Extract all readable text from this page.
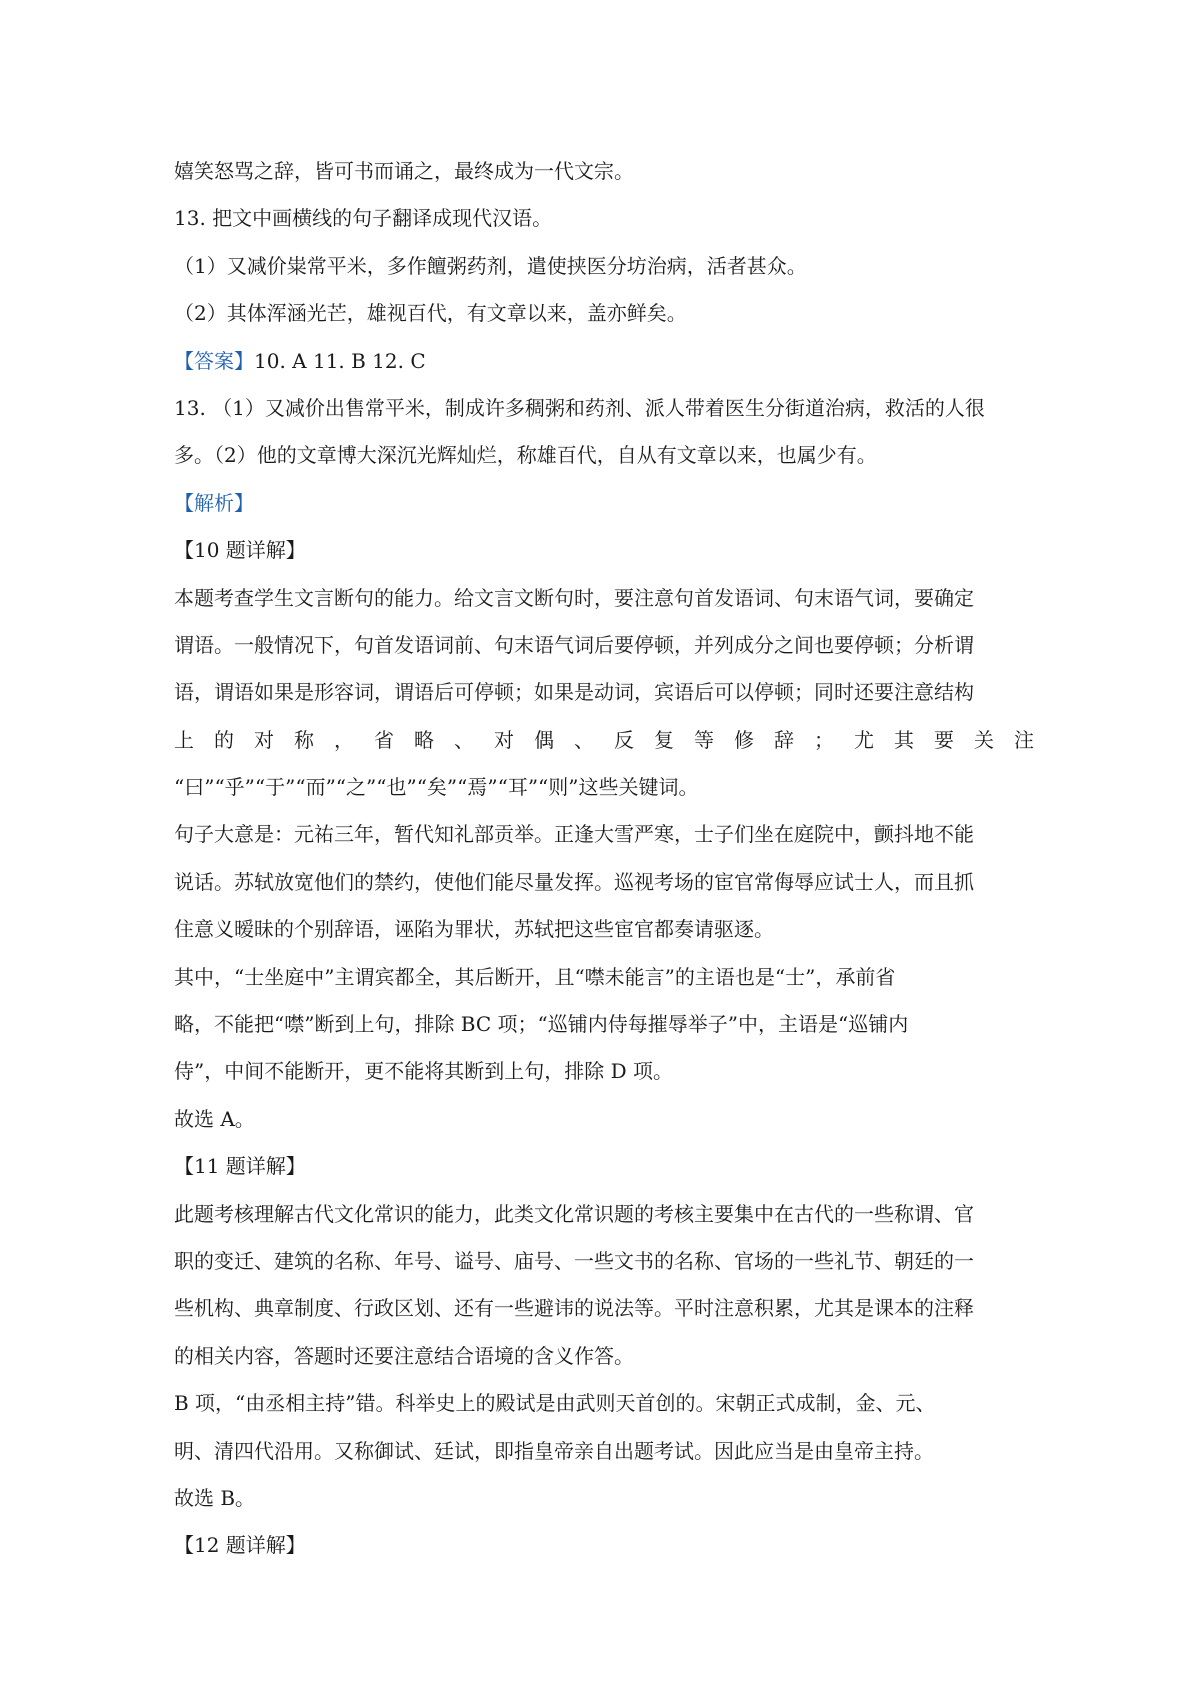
嬉笑怒骂之辞，皆可书而诵之，最终成为一代文宗。
13. 把文中画横线的句子翻译成现代汉语。
（1）又减价粜常平米，多作饘粥药剂，遣使挟医分坊治病，活者甚众。
（2）其体浑涵光芒，雄视百代，有文章以来，盖亦鲜矣。
【答案】10. A 11. B 12. C
13. （1）又减价出售常平米，制成许多稠粥和药剂、派人带着医生分街道治病，救活的人很
多。（2）他的文章博大深沉光辉灿烂，称雄百代，自从有文章以来，也属少有。
【解析】
【10 题详解】
本题考查学生文言断句的能力。给文言文断句时，要注意句首发语词、句末语气词，要确定
谓语。一般情况下，句首发语词前、句末语气词后要停顿，并列成分之间也要停顿；分析谓
语，谓语如果是形容词，谓语后可停顿；如果是动词，宾语后可以停顿；同时还要注意结构
上的对称，省略、对偶、反复等修辞；尤其要关注
“曰”“乎”“于”“而”“之”“也”“矣”“焉”“耳”“则”这些关键词。
句子大意是：元祐三年，暂代知礼部贡举。正逢大雪严寒，士子们坐在庭院中，颤抖地不能
说话。苏轼放宽他们的禁约，使他们能尽量发挥。巡视考场的宦官常侮辱应试士人，而且抓
住意义暧昧的个别辞语，诬陷为罪状，苏轼把这些宦官都奏请驱逐。
其中，“士坐庭中”主谓宾都全，其后断开，且“噤未能言”的主语也是“士”，承前省
略，不能把“噤”断到上句，排除 BC 项；“巡铺内侍每摧辱举子”中，主语是“巡铺内
侍”，中间不能断开，更不能将其断到上句，排除 D 项。
故选 A。
【11 题详解】
此题考核理解古代文化常识的能力，此类文化常识题的考核主要集中在古代的一些称谓、官
职的变迁、建筑的名称、年号、谥号、庙号、一些文书的名称、官场的一些礼节、朝廷的一
些机构、典章制度、行政区划、还有一些避讳的说法等。平时注意积累，尤其是课本的注释
的相关内容，答题时还要注意结合语境的含义作答。
B 项，“由丞相主持”错。科举史上的殿试是由武则天首创的。宋朝正式成制，金、元、
明、清四代沿用。又称御试、廷试，即指皇帝亲自出题考试。因此应当是由皇帝主持。
故选 B。
【12 题详解】
